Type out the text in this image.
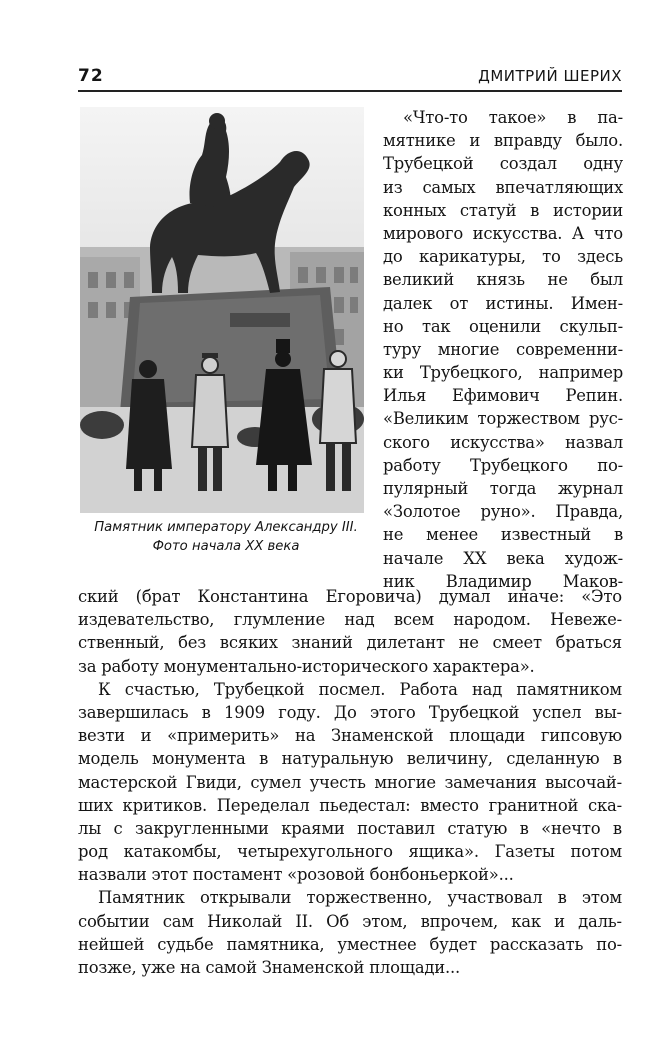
72	ДМИТРИЙ ШЕРИХ
Памятник императору Александру III.
Фото начала XX века
«Что-то такое» в па-
мятнике и вправду было.
Трубецкой создал одну
из самых впечатляющих
конных статуй в истории
мирового искусства. А что
до карикатуры, то здесь
великий князь не был
далек от истины. Имен-
но так оценили скульп-
туру многие современни-
ки Трубецкого, например
Илья Ефимович Репин.
«Великим торжеством рус-
ского искусства» назвал
работу Трубецкого по-
пулярный тогда журнал
«Золотое руно». Правда,
не менее известный в
начале XX века худож-
ник Владимир Маков-
ский (брат Константина Егоровича) думал иначе: «Это
издевательство, глумление над всем народом. Невеже-
ственный, без всяких знаний дилетант не смеет браться
за работу монументально-исторического характера».
К счастью, Трубецкой посмел. Работа над памятником
завершилась в 1909 году. До этого Трубецкой успел вы-
везти и «примерить» на Знаменской площади гипсовую
модель монумента в натуральную величину, сделанную в
мастерской Гвиди, сумел учесть многие замечания высочай-
ших критиков. Переделал пьедестал: вместо гранитной ска-
лы с закругленными краями поставил статую в «нечто в
род катакомбы, четырехугольного ящика». Газеты потом
назвали этот постамент «розовой бонбоньеркой»...
Памятник открывали торжественно, участвовал в этом
событии сам Николай II. Об этом, впрочем, как и даль-
нейшей судьбе памятника, уместнее будет рассказать по-
позже, уже на самой Знаменской площади...
